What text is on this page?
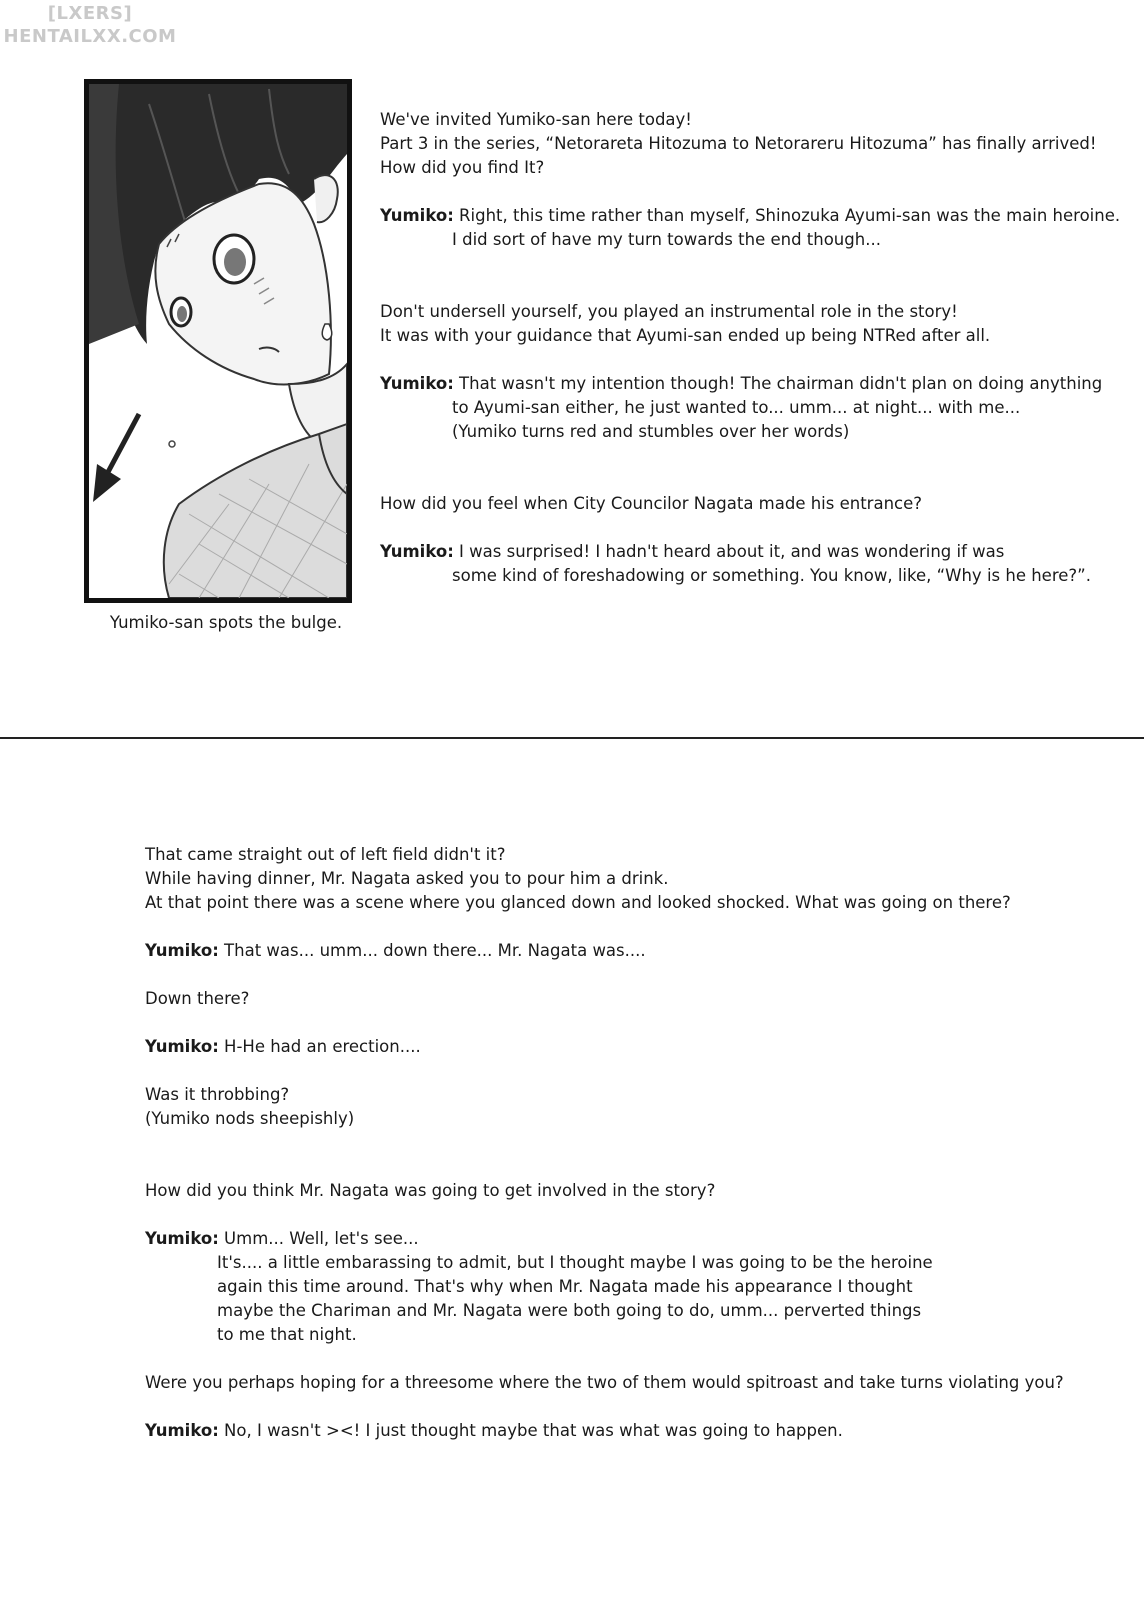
[LXERS]
HENTAILXX.COM
Yumiko-san spots the bulge.
We've invited Yumiko-san here today!
Part 3 in the series, “Netorareta Hitozuma to Netorareru Hitozuma” has finally arrived!
How did you find It?
Yumiko: Right, this time rather than myself, Shinozuka Ayumi-san was the main heroine.
I did sort of have my turn towards the end though...
Don't undersell yourself, you played an instrumental role in the story!
It was with your guidance that Ayumi-san ended up being NTRed after all.
Yumiko: That wasn't my intention though! The chairman didn't plan on doing anything
to Ayumi-san either, he just wanted to... umm... at night... with me...
(Yumiko turns red and stumbles over her words)
How did you feel when City Councilor Nagata made his entrance?
Yumiko: I was surprised! I hadn't heard about it, and was wondering if was
some kind of foreshadowing or something. You know, like, “Why is he here?”.
That came straight out of left field didn't it?
While having dinner, Mr. Nagata asked you to pour him a drink.
At that point there was a scene where you glanced down and looked shocked. What was going on there?
Yumiko: That was... umm... down there... Mr. Nagata was....
Down there?
Yumiko: H-He had an erection....
Was it throbbing?
(Yumiko nods sheepishly)
How did you think Mr. Nagata was going to get involved in the story?
Yumiko: Umm... Well, let's see...
It's.... a little embarassing to admit, but I thought maybe I was going to be the heroine
again this time around. That's why when Mr. Nagata made his appearance I thought
maybe the Chariman and Mr. Nagata were both going to do, umm... perverted things
to me that night.
Were you perhaps hoping for a threesome where the two of them would spitroast and take turns violating you?
Yumiko: No, I wasn't ><! I just thought maybe that was what was going to happen.
